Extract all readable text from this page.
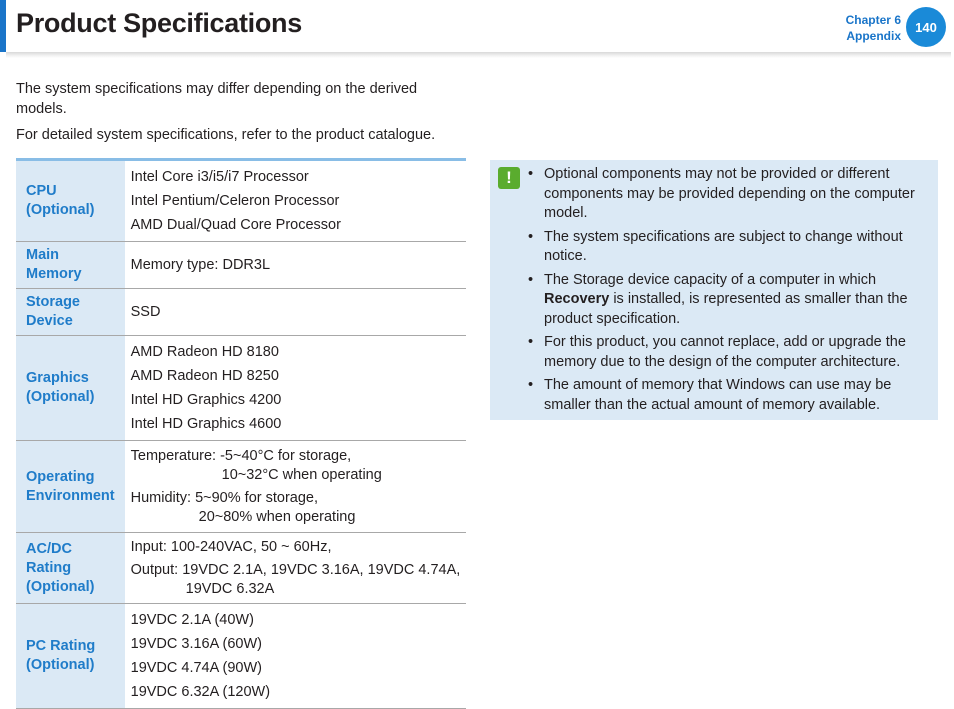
Product Specifications	Chapter 6
Appendix
140

The system specifications may differ depending on the derived models.

For detailed system specifications, refer to the product catalogue.

CPU (Optional)	Intel Core i3/i5/i7 Processor
Intel Pentium/Celeron Processor
AMD Dual/Quad Core Processor

Main Memory	Memory type: DDR3L

Storage Device	SSD

Graphics
(Optional)	AMD Radeon HD 8180
AMD Radeon HD 8250
Intel HD Graphics 4200
Intel HD Graphics 4600

Operating
Environment	Temperature: -5~40°C for storage,
10~32°C when operating
Humidity: 5~90% for storage,
20~80% when operating

AC/DC Rating
(Optional)	Input: 100-240VAC, 50 ~ 60Hz,
Output: 19VDC 2.1A, 19VDC 3.16A, 19VDC 4.74A,
19VDC 6.32A

PC Rating
(Optional)	19VDC 2.1A (40W)
19VDC 3.16A (60W)
19VDC 4.74A (90W)
19VDC 6.32A (120W)
!	• Optional components may not be provided or different components may be provided depending on the computer model.
• The system specifications are subject to change without notice.
• The Storage device capacity of a computer in which Recovery is installed, is represented as smaller than the product specification.
• For this product, you cannot replace, add or upgrade the memory due to the design of the computer architecture.
• The amount of memory that Windows can use may be smaller than the actual amount of memory available.
